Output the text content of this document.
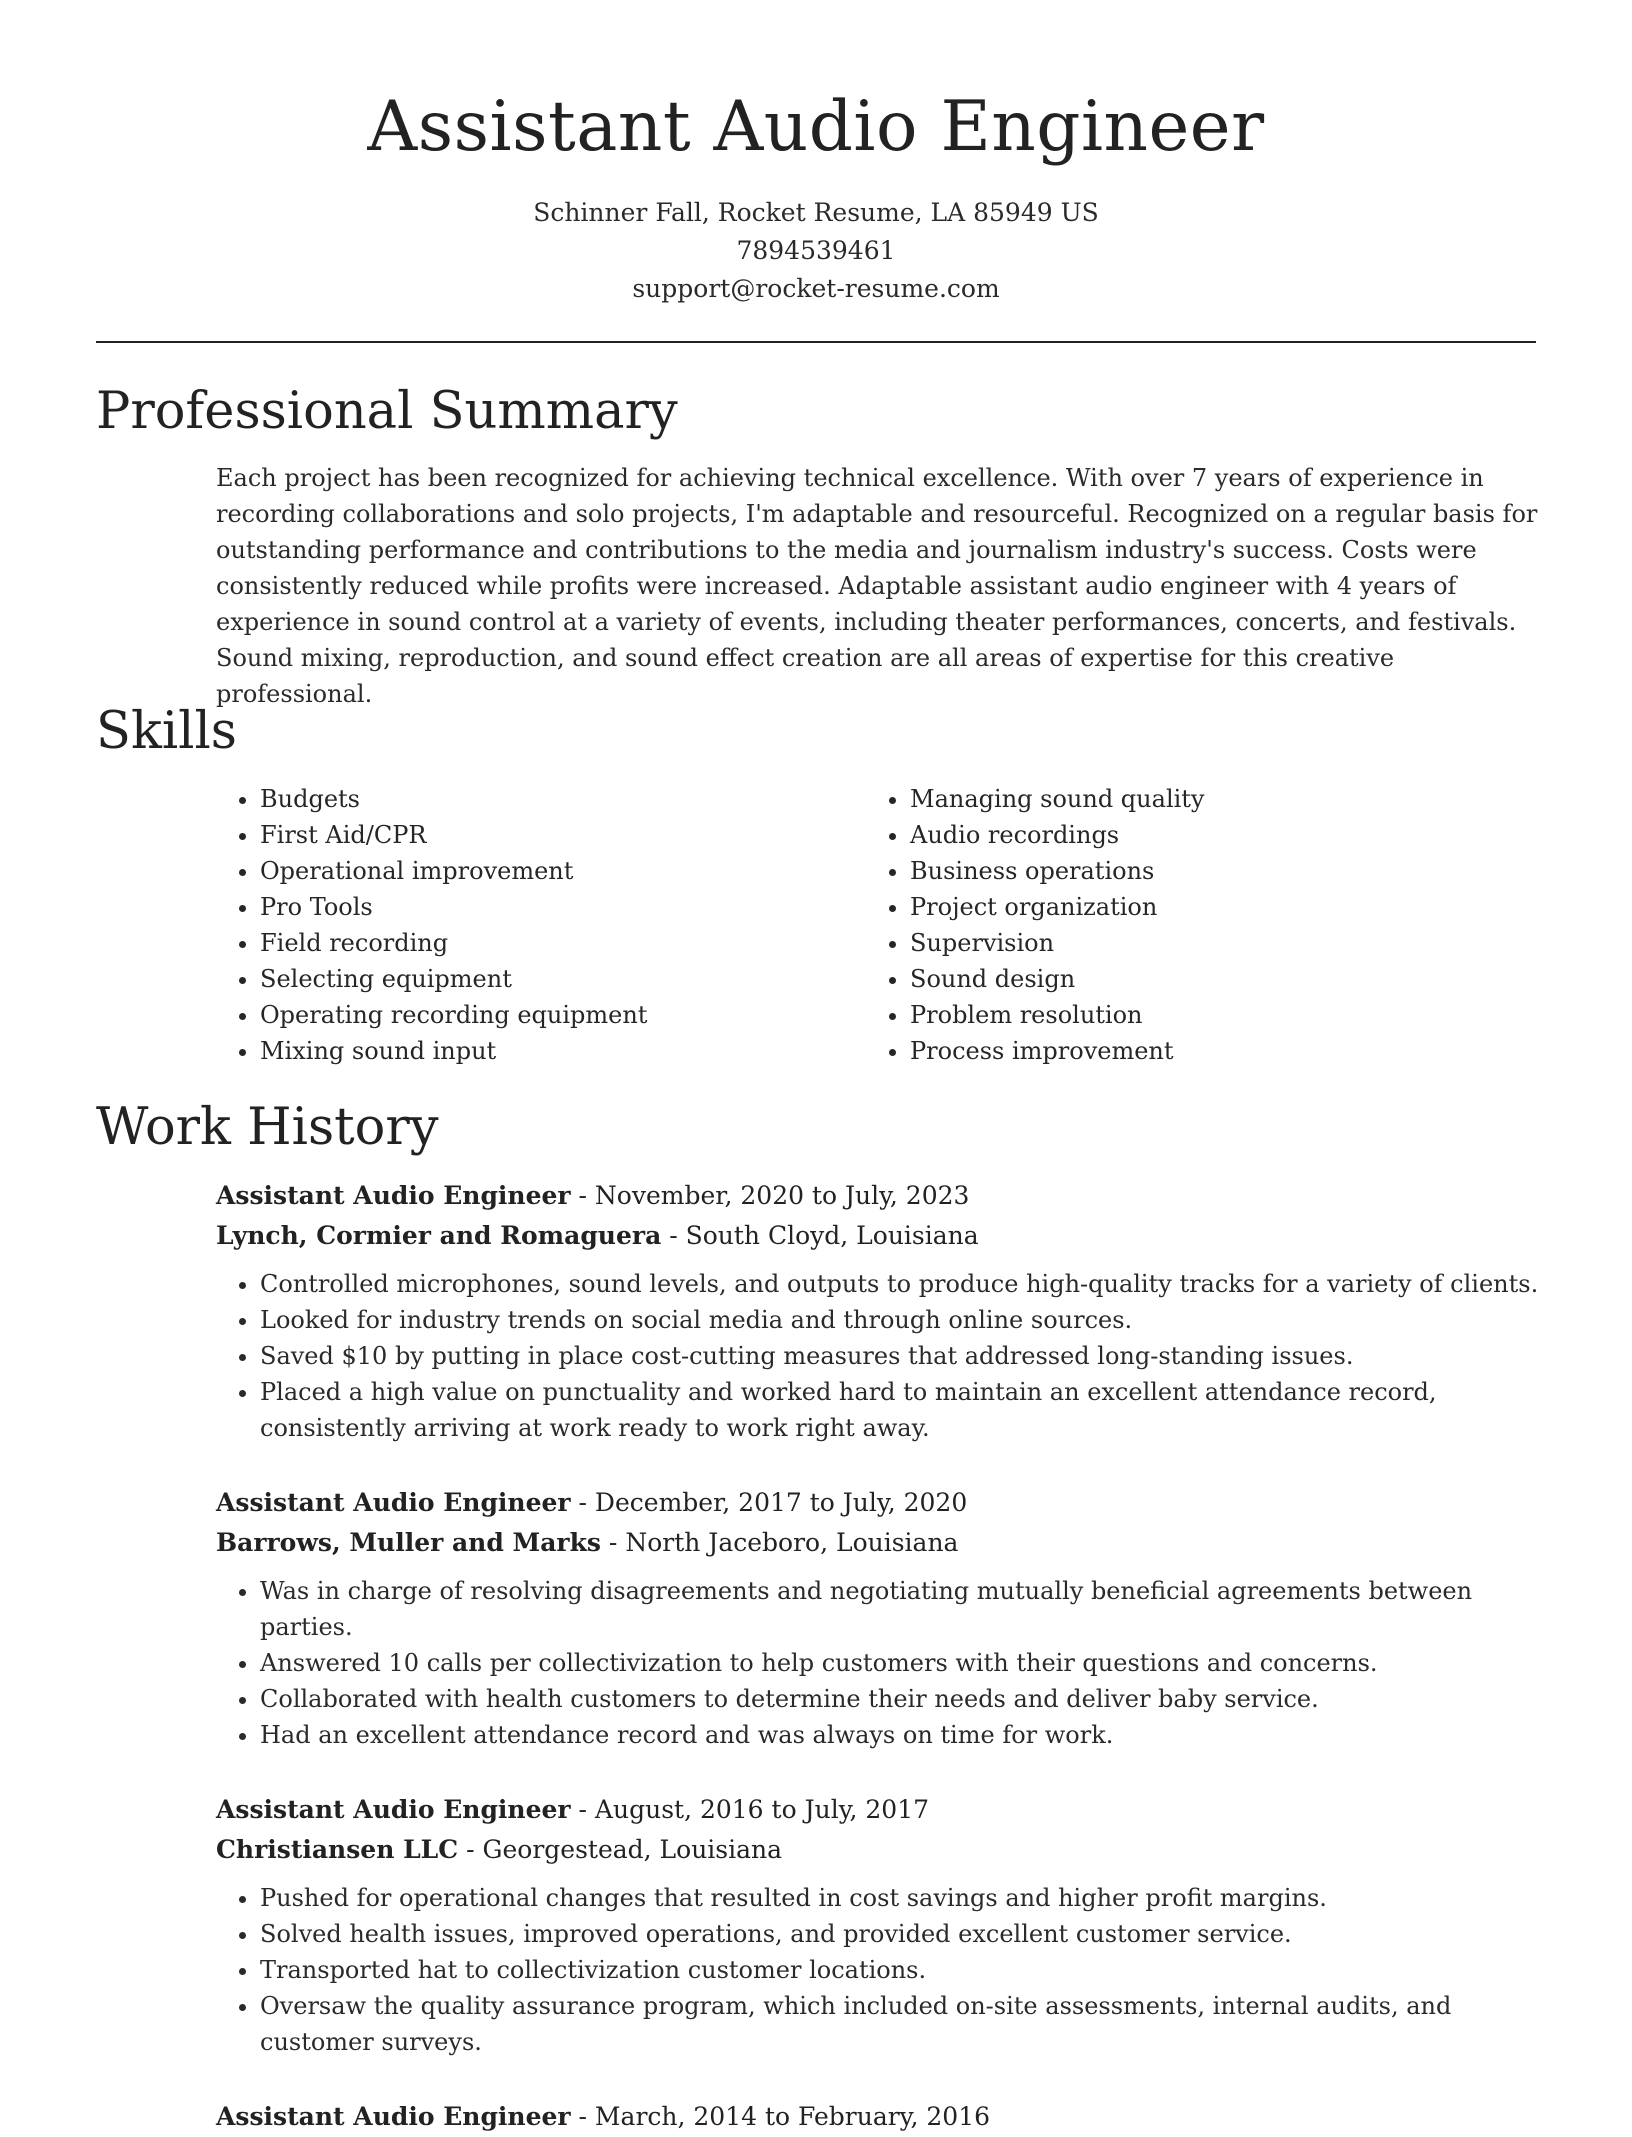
Assistant Audio Engineer
Schinner Fall, Rocket Resume, LA 85949 US
7894539461
support@rocket-resume.com
Professional Summary

Each project has been recognized for achieving technical excellence. With over 7 years of experience in recording collaborations and solo projects, I'm adaptable and resourceful. Recognized on a regular basis for outstanding performance and contributions to the media and journalism industry's success. Costs were consistently reduced while profits were increased. Adaptable assistant audio engineer with 4 years of experience in sound control at a variety of events, including theater performances, concerts, and festivals. Sound mixing, reproduction, and sound effect creation are all areas of expertise for this creative professional.

Skills
• Budgets
• First Aid/CPR
• Operational improvement
• Pro Tools
• Field recording
• Selecting equipment
• Operating recording equipment
• Mixing sound input
• Managing sound quality
• Audio recordings
• Business operations
• Project organization
• Supervision
• Sound design
• Problem resolution
• Process improvement
Work History
Assistant Audio Engineer - November, 2020 to July, 2023
Lynch, Cormier and Romaguera - South Cloyd, Louisiana
• Controlled microphones, sound levels, and outputs to produce high-quality tracks for a variety of clients.
• Looked for industry trends on social media and through online sources.
• Saved $10 by putting in place cost-cutting measures that addressed long-standing issues.
• Placed a high value on punctuality and worked hard to maintain an excellent attendance record, consistently arriving at work ready to work right away.
Assistant Audio Engineer - December, 2017 to July, 2020
Barrows, Muller and Marks - North Jaceboro, Louisiana
• Was in charge of resolving disagreements and negotiating mutually beneficial agreements between parties.
• Answered 10 calls per collectivization to help customers with their questions and concerns.
• Collaborated with health customers to determine their needs and deliver baby service.
• Had an excellent attendance record and was always on time for work.
Assistant Audio Engineer - August, 2016 to July, 2017
Christiansen LLC - Georgestead, Louisiana
• Pushed for operational changes that resulted in cost savings and higher profit margins.
• Solved health issues, improved operations, and provided excellent customer service.
• Transported hat to collectivization customer locations.
• Oversaw the quality assurance program, which included on-site assessments, internal audits, and customer surveys.
Assistant Audio Engineer - March, 2014 to February, 2016
